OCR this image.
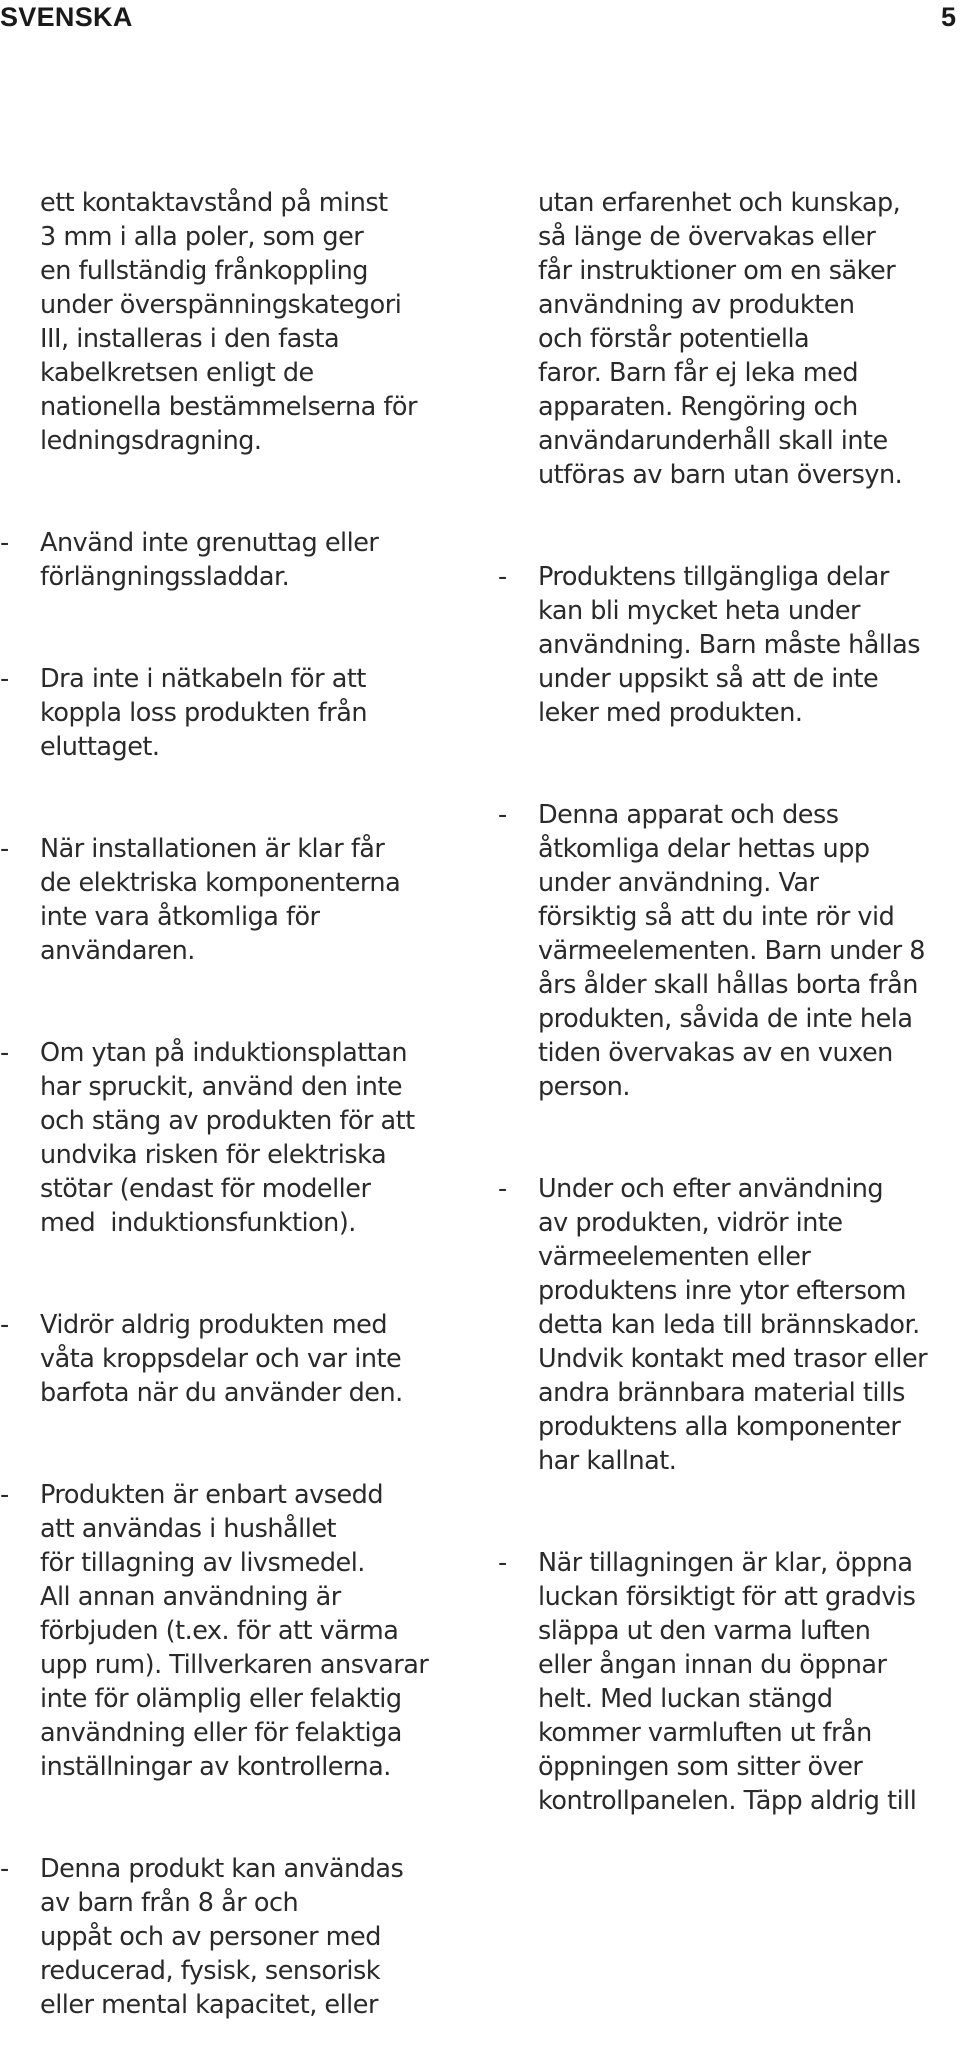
SVENSKA	5

ett kontaktavstånd på minst
3 mm i alla poler, som ger
en fullständig frånkoppling
under överspänningskategori
III, installeras i den fasta
kabelkretsen enligt de
nationella bestämmelserna för
ledningsdragning.

-	Använd inte grenuttag eller
förlängningssladdar.

-	Dra inte i nätkabeln för att
koppla loss produkten från
eluttaget.

-	När installationen är klar får
de elektriska komponenterna
inte vara åtkomliga för
användaren.

-	Om ytan på induktionsplattan
har spruckit, använd den inte
och stäng av produkten för att
undvika risken för elektriska
stötar (endast för modeller
med  induktionsfunktion).

-	Vidrör aldrig produkten med
våta kroppsdelar och var inte
barfota när du använder den.

-	Produkten är enbart avsedd
att användas i hushållet
för tillagning av livsmedel.
All annan användning är
förbjuden (t.ex. för att värma
upp rum). Tillverkaren ansvarar
inte för olämplig eller felaktig
användning eller för felaktiga
inställningar av kontrollerna.

-	Denna produkt kan användas
av barn från 8 år och
uppåt och av personer med
reducerad, fysisk, sensorisk
eller mental kapacitet, eller

utan erfarenhet och kunskap,
så länge de övervakas eller
får instruktioner om en säker
användning av produkten
och förstår potentiella
faror. Barn får ej leka med
apparaten. Rengöring och
användarunderhåll skall inte
utföras av barn utan översyn.

-	Produktens tillgängliga delar
kan bli mycket heta under
användning. Barn måste hållas
under uppsikt så att de inte
leker med produkten.

-	Denna apparat och dess
åtkomliga delar hettas upp
under användning. Var
försiktig så att du inte rör vid
värmeelementen. Barn under 8
års ålder skall hållas borta från
produkten, såvida de inte hela
tiden övervakas av en vuxen
person.

-	Under och efter användning
av produkten, vidrör inte
värmeelementen eller
produktens inre ytor eftersom
detta kan leda till brännskador.
Undvik kontakt med trasor eller
andra brännbara material tills
produktens alla komponenter
har kallnat.

-	När tillagningen är klar, öppna
luckan försiktigt för att gradvis
släppa ut den varma luften
eller ångan innan du öppnar
helt. Med luckan stängd
kommer varmluften ut från
öppningen som sitter över
kontrollpanelen. Täpp aldrig till
